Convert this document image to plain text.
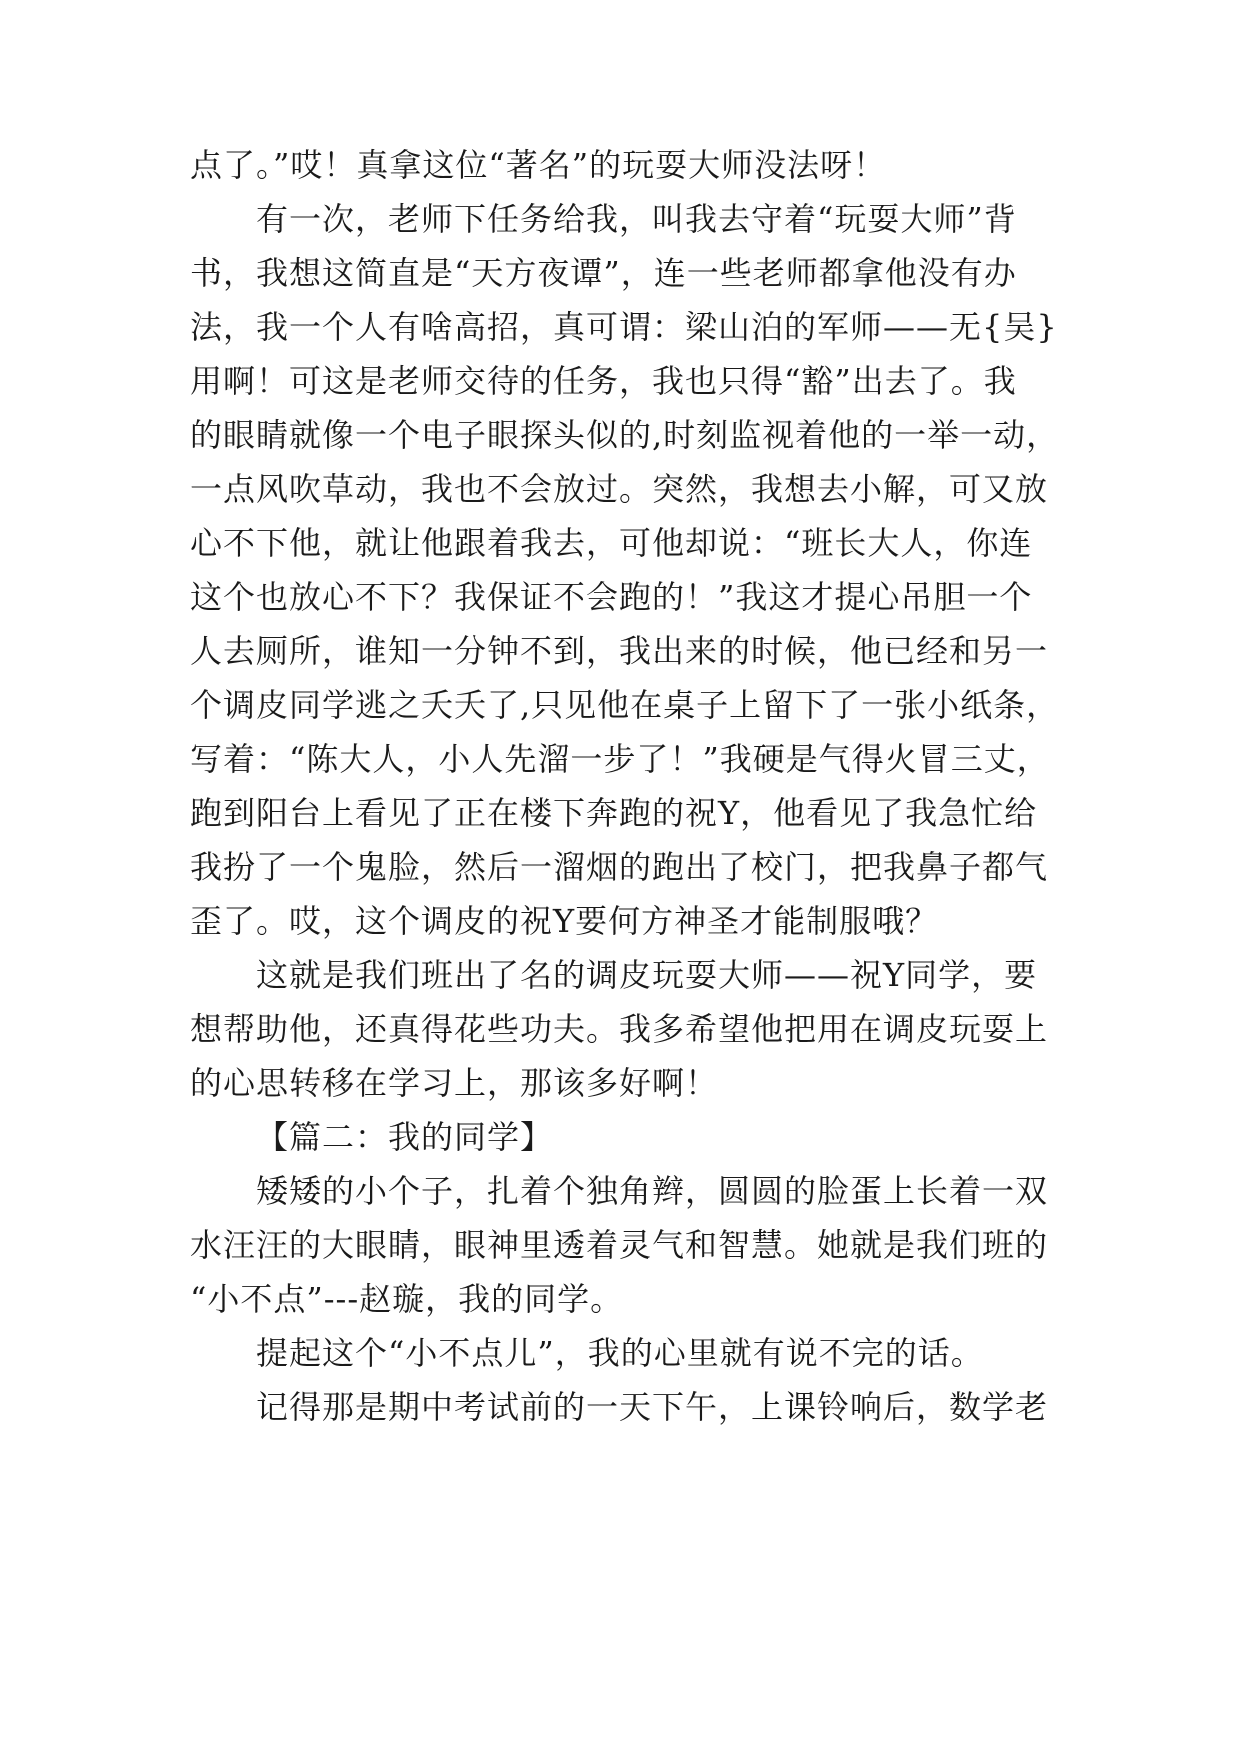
点了。”哎！真拿这位“著名”的玩耍大师没法呀！
有一次，老师下任务给我，叫我去守着“玩耍大师”背
书，我想这简直是“天方夜谭”，连一些老师都拿他没有办
法，我一个人有啥高招，真可谓：梁山泊的军师——无{吴}
用啊！可这是老师交待的任务，我也只得“豁”出去了。我
的眼睛就像一个电子眼探头似的,时刻监视着他的一举一动，
一点风吹草动，我也不会放过。突然，我想去小解，可又放
心不下他，就让他跟着我去，可他却说：“班长大人，你连
这个也放心不下？我保证不会跑的！”我这才提心吊胆一个
人去厕所，谁知一分钟不到，我出来的时候，他已经和另一
个调皮同学逃之夭夭了,只见他在桌子上留下了一张小纸条，
写着：“陈大人，小人先溜一步了！”我硬是气得火冒三丈，
跑到阳台上看见了正在楼下奔跑的祝Y，他看见了我急忙给
我扮了一个鬼脸，然后一溜烟的跑出了校门，把我鼻子都气
歪了。哎，这个调皮的祝Y要何方神圣才能制服哦？
这就是我们班出了名的调皮玩耍大师——祝Y同学，要
想帮助他，还真得花些功夫。我多希望他把用在调皮玩耍上
的心思转移在学习上，那该多好啊！
【篇二：我的同学】
矮矮的小个子，扎着个独角辫，圆圆的脸蛋上长着一双
水汪汪的大眼睛，眼神里透着灵气和智慧。她就是我们班的
“小不点”---赵璇，我的同学。
提起这个“小不点儿”，我的心里就有说不完的话。
记得那是期中考试前的一天下午，上课铃响后，数学老
